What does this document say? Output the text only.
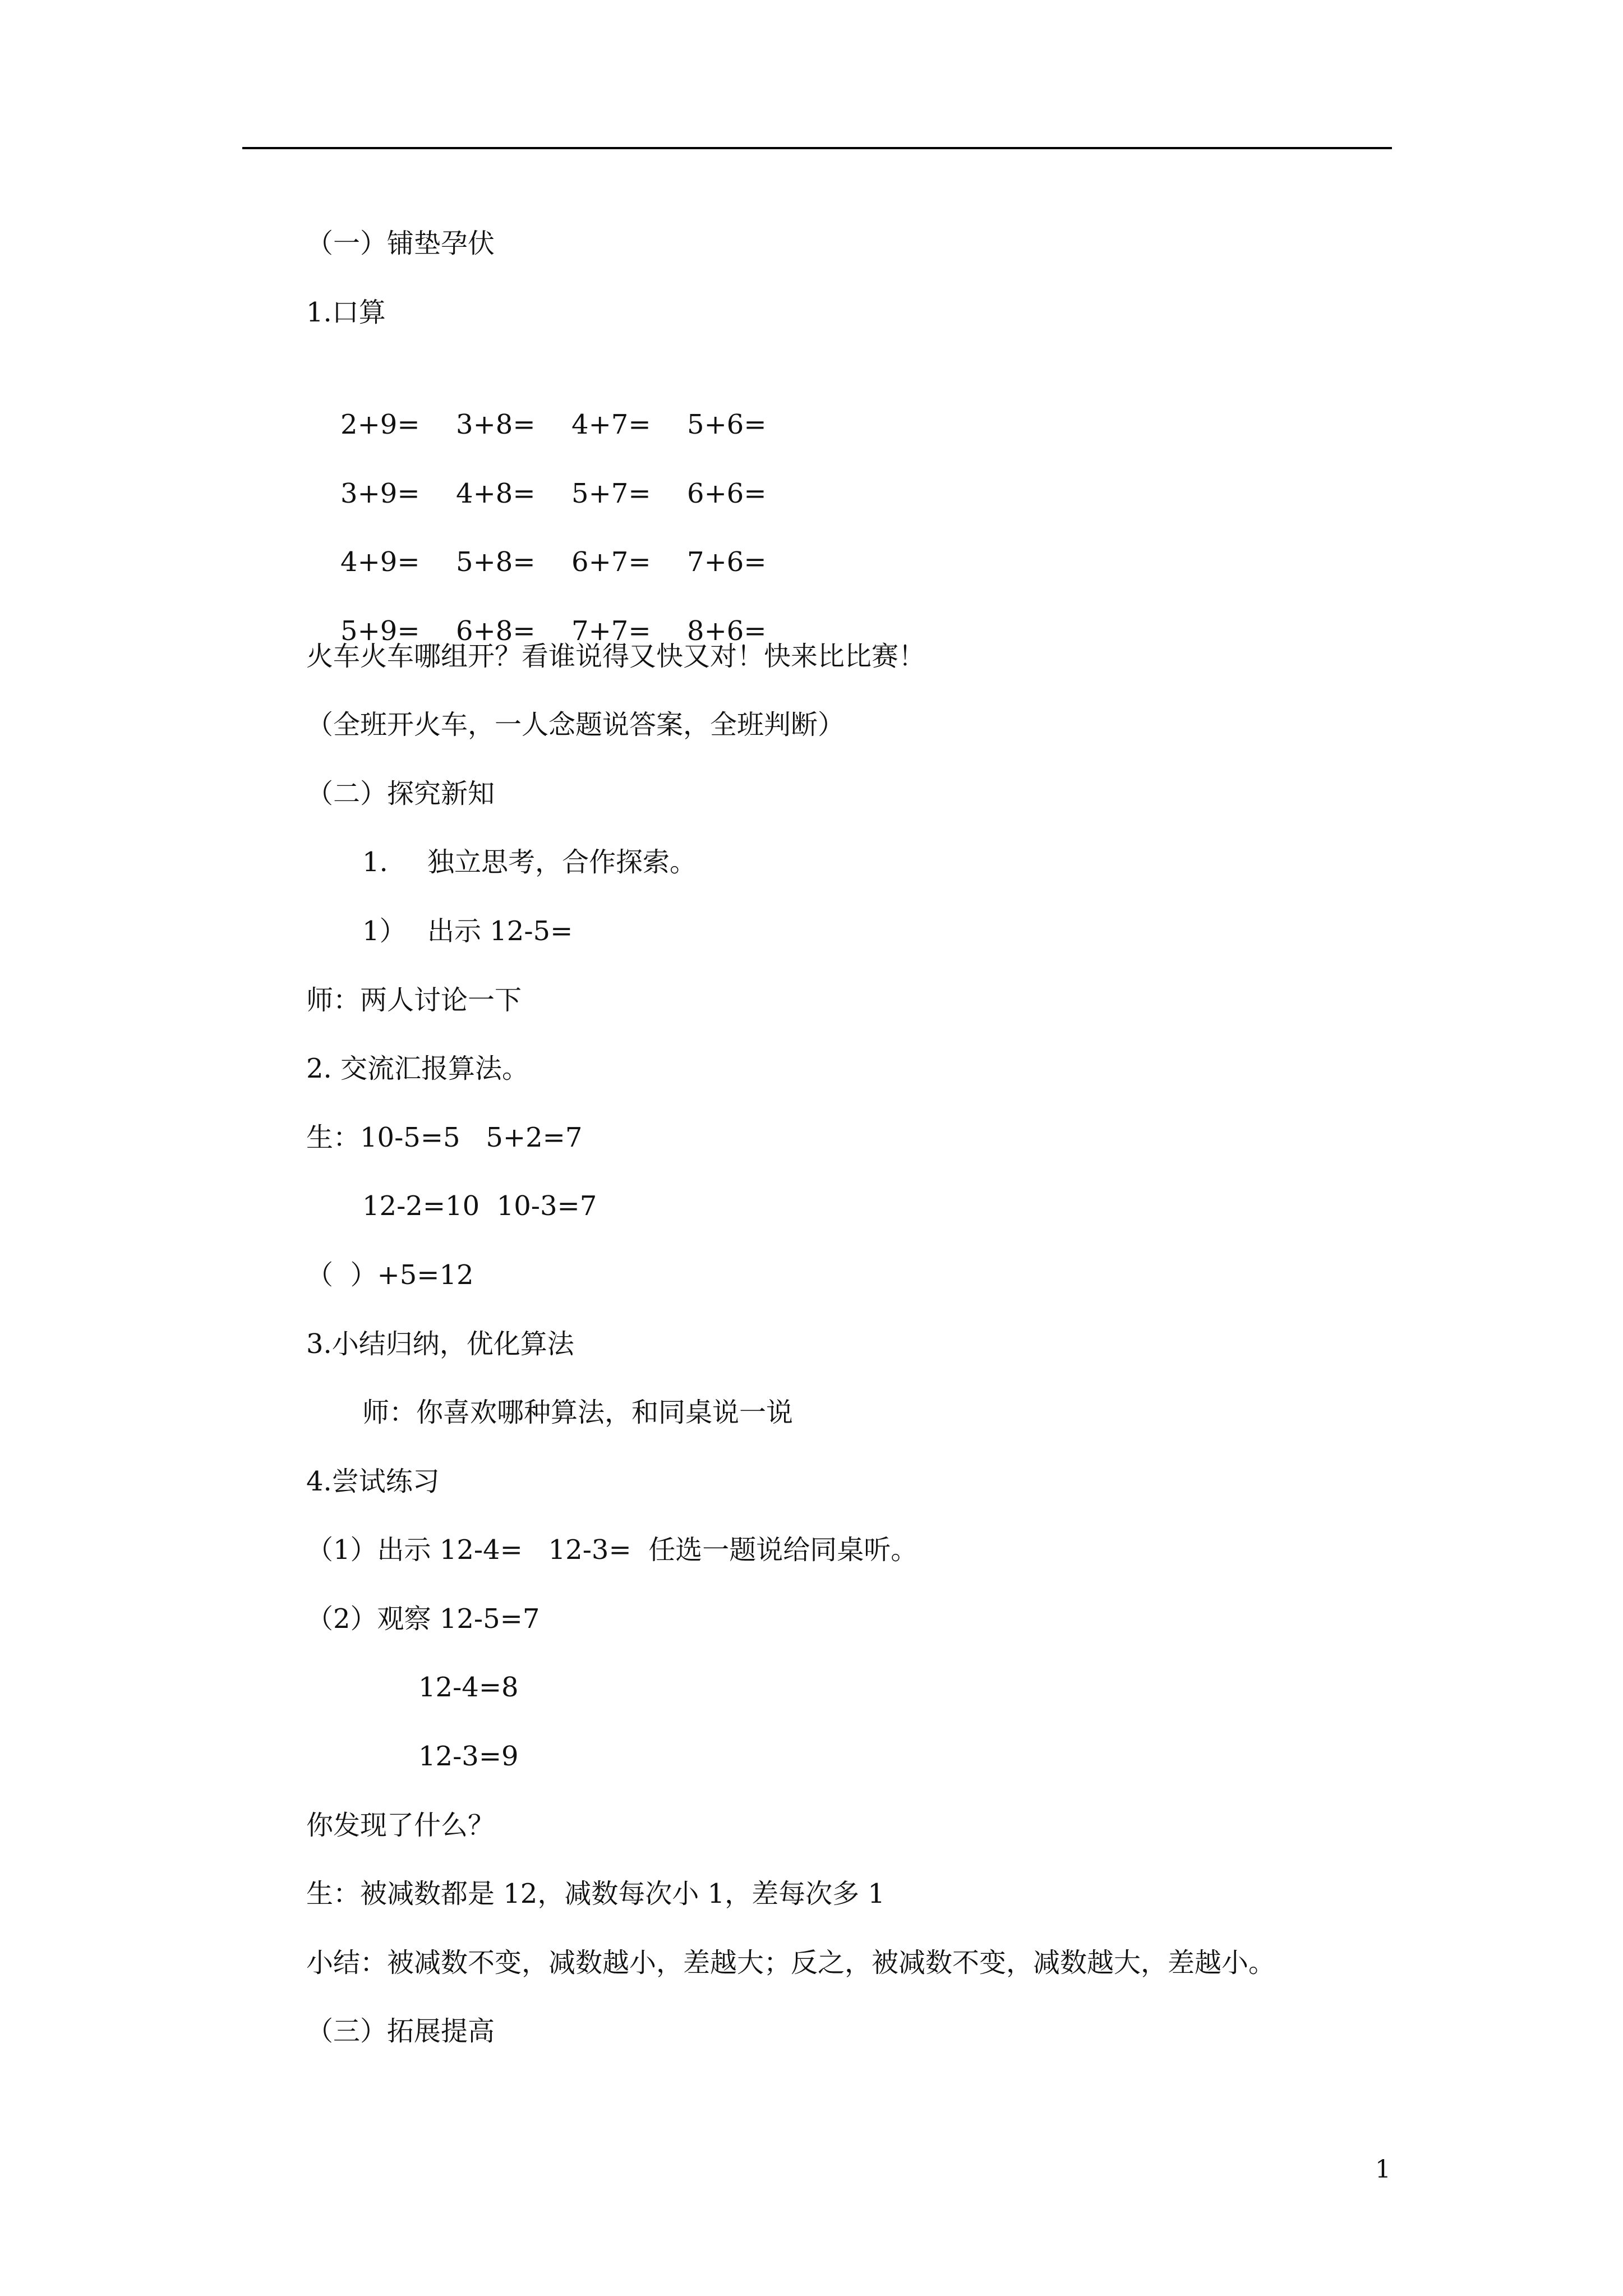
（一）铺垫孕伏
1.口算

2+9= 3+8= 4+7= 5+6=

3+9= 4+8= 5+7= 6+6=

4+9= 5+8= 6+7= 7+6=

5+9= 6+8= 7+7= 8+6=

火车火车哪组开？看谁说得又快又对！快来比比赛！
（全班开火车，一人念题说答案，全班判断）
（二）探究新知
1. 独立思考，合作探索。
1） 出示 12-5=
师：两人讨论一下
2. 交流汇报算法。
生：10-5=5   5+2=7
12-2=10  10-3=7
（  ）+5=12
3.小结归纳，优化算法
师：你喜欢哪种算法，和同桌说一说
4.尝试练习
（1）出示 12-4=   12-3=  任选一题说给同桌听。
（2）观察 12-5=7
12-4=8
12-3=9
你发现了什么？
生：被减数都是 12，减数每次小 1，差每次多 1
小结：被减数不变，减数越小，差越大；反之，被减数不变，减数越大，差越小。
（三）拓展提高
1
